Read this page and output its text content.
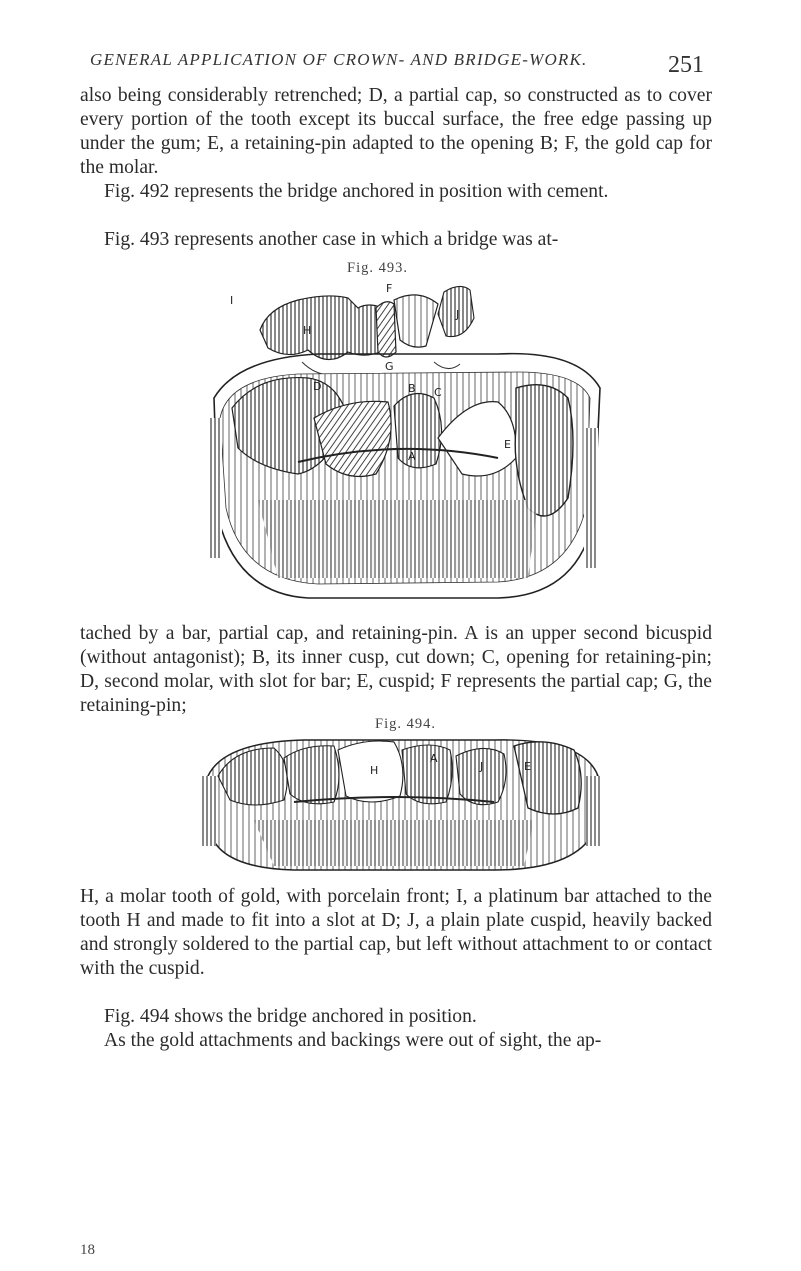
GENERAL APPLICATION OF CROWN- AND BRIDGE-WORK.	251

also being considerably retrenched; D, a partial cap, so constructed as to cover every portion of the tooth except its buccal surface, the free edge passing up under the gum; E, a retaining-pin adapted to the opening B; F, the gold cap for the molar.

Fig. 492 represents the bridge anchored in position with cement.

Fig. 493 represents another case in which a bridge was at-

Fig. 493.
I
H
F
J
G
D	B C
A
E

tached by a bar, partial cap, and retaining-pin. A is an upper second bicuspid (without antagonist); B, its inner cusp, cut down; C, opening for retaining-pin; D, second molar, with slot for bar; E, cuspid; F represents the partial cap; G, the retaining-pin;

Fig. 494.
H
A
J	E

H, a molar tooth of gold, with porcelain front; I, a platinum bar attached to the tooth H and made to fit into a slot at D; J, a plain plate cuspid, heavily backed and strongly soldered to the partial cap, but left without attachment to or contact with the cuspid.

Fig. 494 shows the bridge anchored in position.

As the gold attachments and backings were out of sight, the ap-

18
